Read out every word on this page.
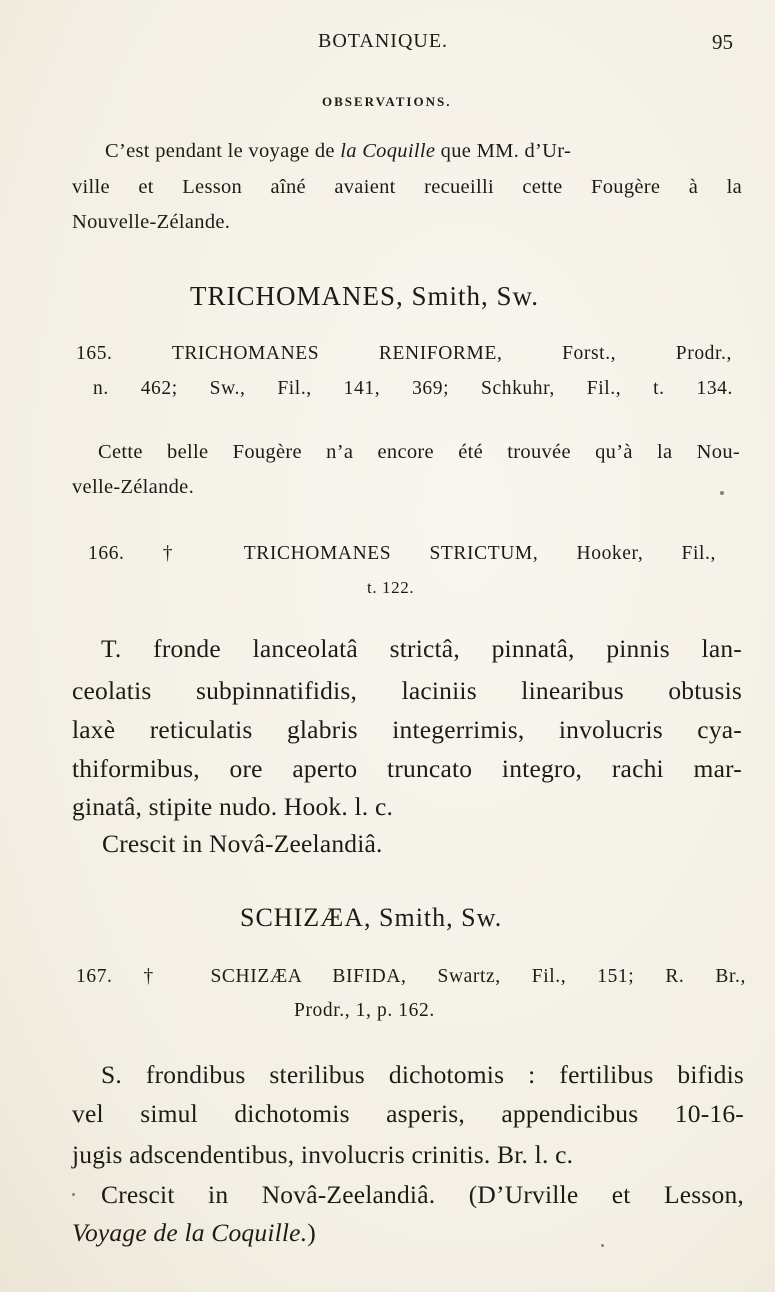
BOTANIQUE.	95
OBSERVATIONS.
C’est pendant le voyage de la Coquille que MM. d’Ur-
ville et Lesson aîné avaient recueilli cette Fougère à la
Nouvelle-Zélande.
TRICHOMANES, Smith, Sw.
165. TRICHOMANES RENIFORME, Forst., Prodr.,
n. 462; Sw., Fil., 141, 369; Schkuhr, Fil., t. 134.
Cette belle Fougère n’a encore été trouvée qu’à la Nou-
velle-Zélande.
166. † TRICHOMANES STRICTUM, Hooker, Fil.,
t. 122.
T. fronde lanceolatâ strictâ, pinnatâ, pinnis lan-
ceolatis subpinnatifidis, laciniis linearibus obtusis
laxè reticulatis glabris integerrimis, involucris cya-
thiformibus, ore aperto truncato integro, rachi mar-
ginatâ, stipite nudo. Hook. l. c.
Crescit in Novâ-Zeelandiâ.
SCHIZÆA, Smith, Sw.
167. † SCHIZÆA BIFIDA, Swartz, Fil., 151; R. Br.,
Prodr., 1, p. 162.
S. frondibus sterilibus dichotomis : fertilibus bifidis
vel simul dichotomis asperis, appendicibus 10-16-
jugis adscendentibus, involucris crinitis. Br. l. c.
Crescit in Novâ-Zeelandiâ. (D’Urville et Lesson,
Voyage de la Coquille.)
